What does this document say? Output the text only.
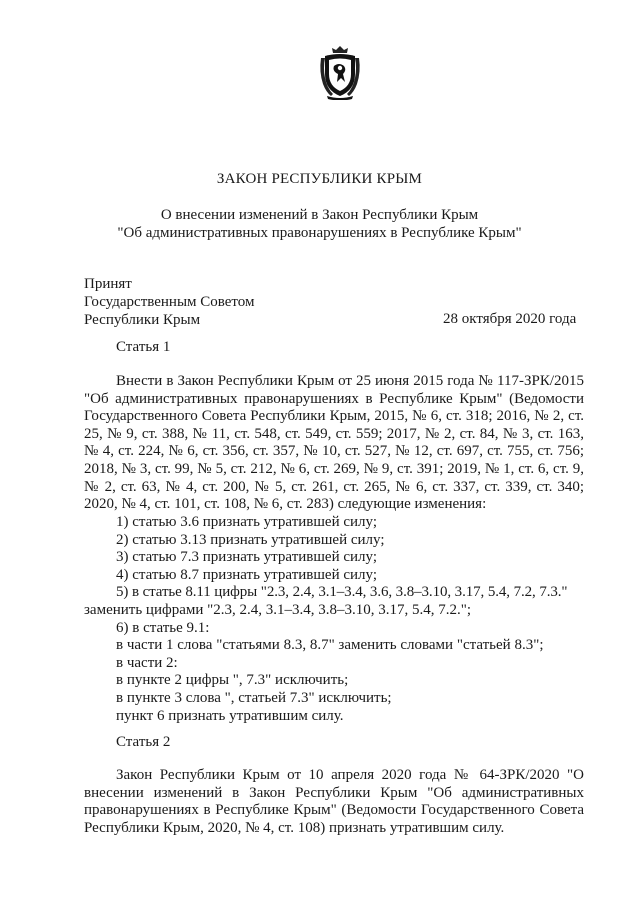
ЗАКОН РЕСПУБЛИКИ КРЫМ
О внесении изменений в Закон Республики Крым
"Об административных правонарушениях в Республике Крым"
Принят
Государственным Советом
Республики Крым	28 октября 2020 года
Статья 1
Внести в Закон Республики Крым от 25 июня 2015 года № 117-ЗРК/2015 "Об административных правонарушениях в Республике Крым" (Ведомости Государственного Совета Республики Крым, 2015, № 6, ст. 318; 2016, № 2, ст. 25, № 9, ст. 388, № 11, ст. 548, ст. 549, ст. 559; 2017, № 2, ст. 84, № 3, ст. 163, № 4, ст. 224, № 6, ст. 356, ст. 357, № 10, ст. 527, № 12, ст. 697, ст. 755, ст. 756; 2018, № 3, ст. 99, № 5, ст. 212, № 6, ст. 269, № 9, ст. 391; 2019, № 1, ст. 6, ст. 9, № 2, ст. 63, № 4, ст. 200, № 5, ст. 261, ст. 265, № 6, ст. 337, ст. 339, ст. 340; 2020, № 4, ст. 101, ст. 108, № 6, ст. 283) следующие изменения:
1) статью 3.6 признать утратившей силу;
2) статью 3.13 признать утратившей силу;
3) статью 7.3 признать утратившей силу;
4) статью 8.7 признать утратившей силу;
5) в статье 8.11 цифры "2.3, 2.4, 3.1–3.4, 3.6, 3.8–3.10, 3.17, 5.4, 7.2, 7.3."
заменить цифрами "2.3, 2.4, 3.1–3.4, 3.8–3.10, 3.17, 5.4, 7.2.";
6) в статье 9.1:
в части 1 слова "статьями 8.3, 8.7" заменить словами "статьей 8.3";
в части 2:
в пункте 2 цифры ", 7.3" исключить;
в пункте 3 слова ", статьей 7.3" исключить;
пункт 6 признать утратившим силу.
Статья 2
Закон Республики Крым от 10 апреля 2020 года № 64-ЗРК/2020 "О внесении изменений в Закон Республики Крым "Об административных правонарушениях в Республике Крым" (Ведомости Государственного Совета Республики Крым, 2020, № 4, ст. 108) признать утратившим силу.
